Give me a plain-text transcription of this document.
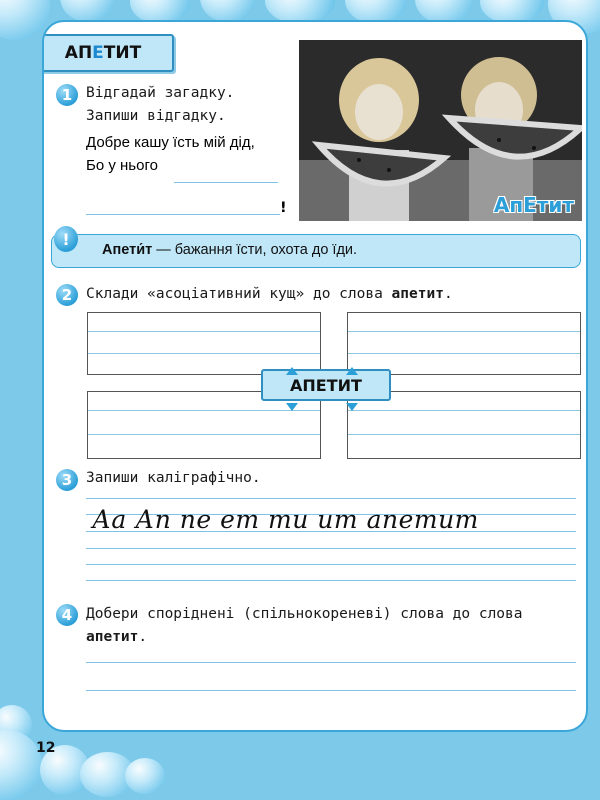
АП Е ТИТ
1 Відгадай загадку.
Запиши відгадку.
Добре кашу їсть мій дід,
Бо у нього
!	АпЕтит
Апети́т — бажання їсти, охота до їди.
!
2 Склади «асоціативний кущ» до слова апетит.
АПЕТИТ
3 Запиши каліграфічно.
Аа Ап пе ет ти ит апетит
4 Добери споріднені (спільнокореневі) слова до слова
апетит.
12
